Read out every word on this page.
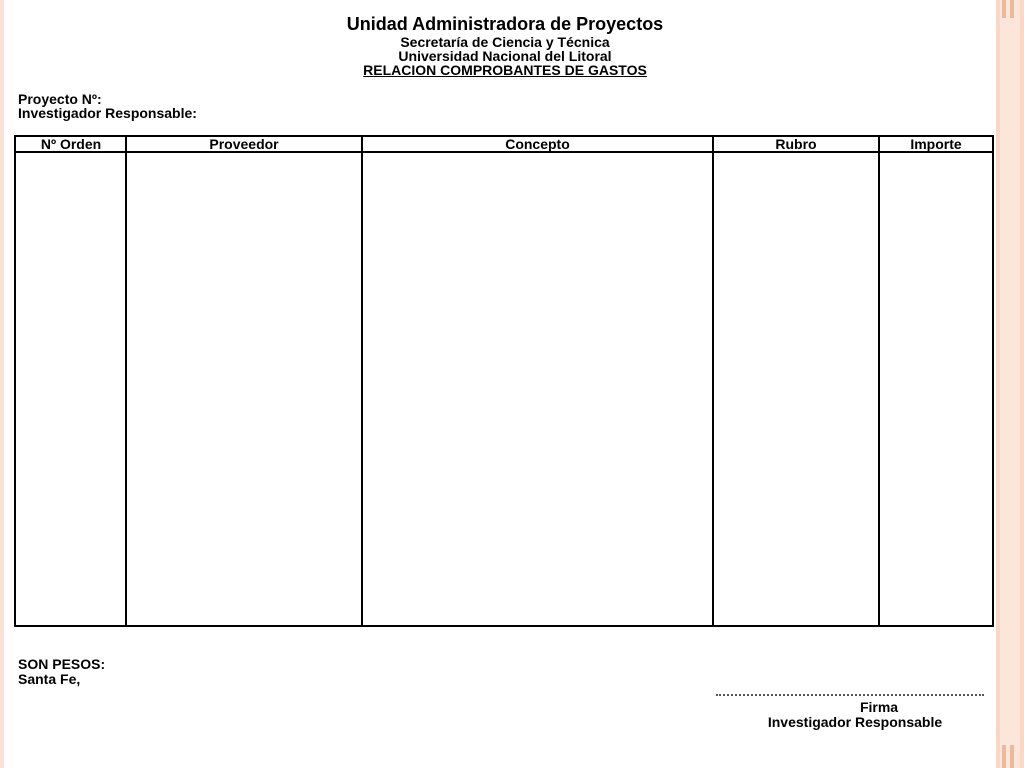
Unidad Administradora de Proyectos
Secretaría de Ciencia y Técnica
Universidad Nacional del Litoral
RELACION COMPROBANTES DE GASTOS
Proyecto Nº:
Investigador Responsable:
Nº Orden	Proveedor	Concepto	Rubro	Importe
SON PESOS:
Santa Fe,
Firma
Investigador Responsable
